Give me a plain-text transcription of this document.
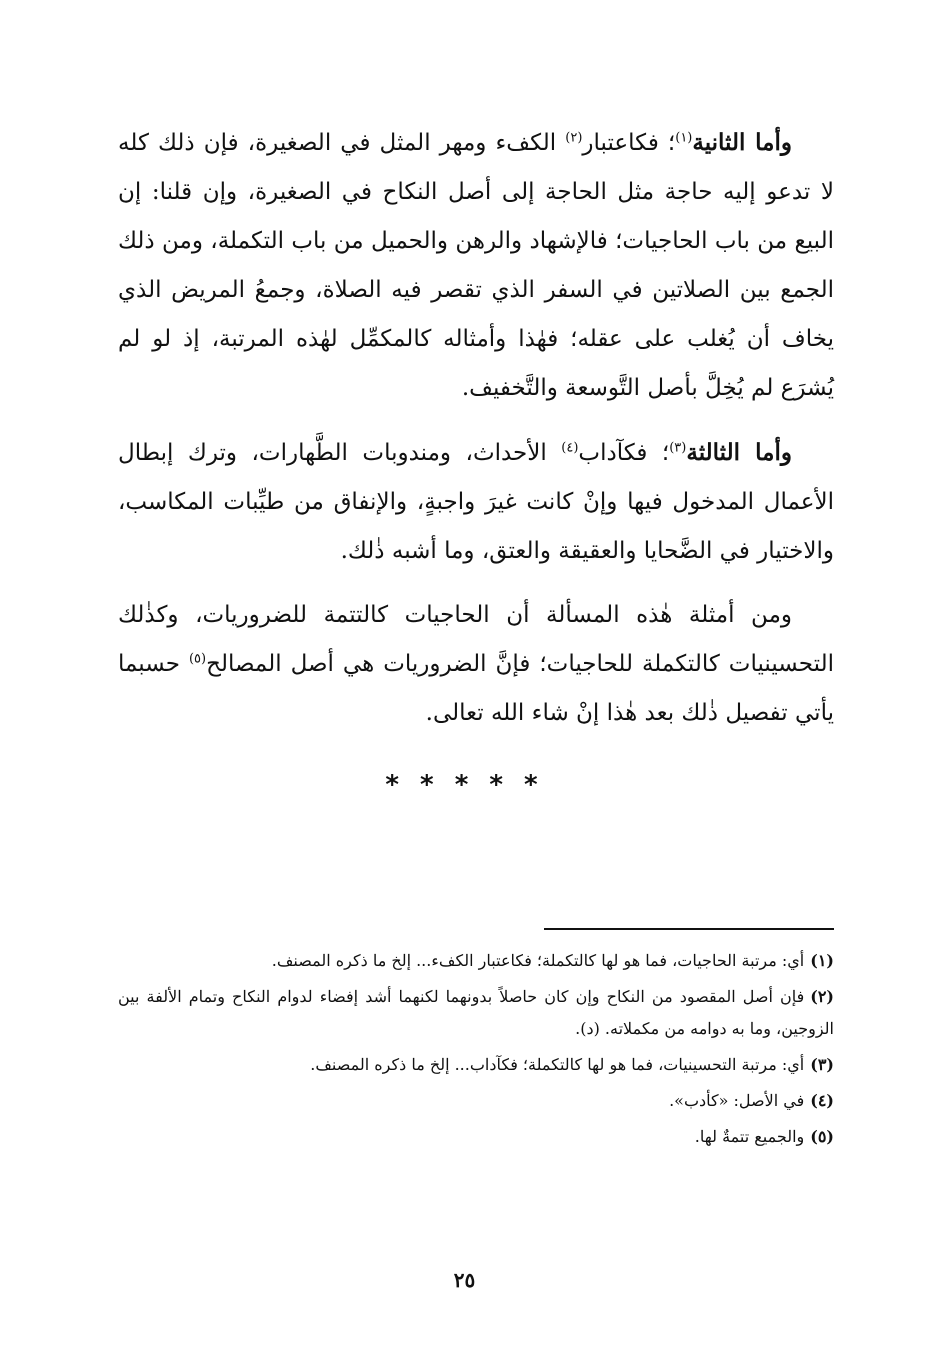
وأما الثانية$^{(١)}$؛ فكاعتبار$^{(٢)}$ الكفء ومهر المثل في الصغيرة، فإن ذلك كله لا تدعو إليه حاجة مثل الحاجة إلى أصل النكاح في الصغيرة، وإن قلنا: إن البيع من باب الحاجيات؛ فالإشهاد والرهن والحميل من باب التكملة، ومن ذلك الجمع بين الصلاتين في السفر الذي تقصر فيه الصلاة، وجمعُ المريض الذي يخاف أن يُغلب على عقله؛ فهٰذا وأمثاله كالمكمِّل لهٰذه المرتبة، إذ لو لم يُشرَع لم يُخِلَّ بأصل التَّوسعة والتَّخفيف.

وأما الثالثة$^{(٣)}$؛ فكآداب$^{(٤)}$ الأحداث، ومندوبات الطَّهارات، وترك إبطال الأعمال المدخول فيها وإنْ كانت غيرَ واجبةٍ، والإنفاق من طيِّبات المكاسب، والاختيار في الضَّحايا والعقيقة والعتق، وما أشبه ذٰلك.

ومن أمثلة هٰذه المسألة أن الحاجيات كالتتمة للضروريات، وكذٰلك التحسينيات كالتكملة للحاجيات؛ فإنَّ الضروريات هي أصل المصالح$^{(٥)}$ حسبما يأتي تفصيل ذٰلك بعد هٰذا إنْ شاء الله تعالى.

* * * * *

(١)أي: مرتبة الحاجيات، فما هو لها كالتكملة؛ فكاعتبار الكفء... إلخ ما ذكره المصنف.

(٢)فإن أصل المقصود من النكاح وإن كان حاصلاً بدونهما لكنهما أشد إفضاء لدوام النكاح وتمام الألفة بين الزوجين، وما به دوامه من مكملاته. (د).

(٣)أي: مرتبة التحسينيات، فما هو لها كالتكملة؛ فكآداب... إلخ ما ذكره المصنف.

(٤)في الأصل: «كأدب».

(٥)والجميع تتمةٌ لها.

٢٥
